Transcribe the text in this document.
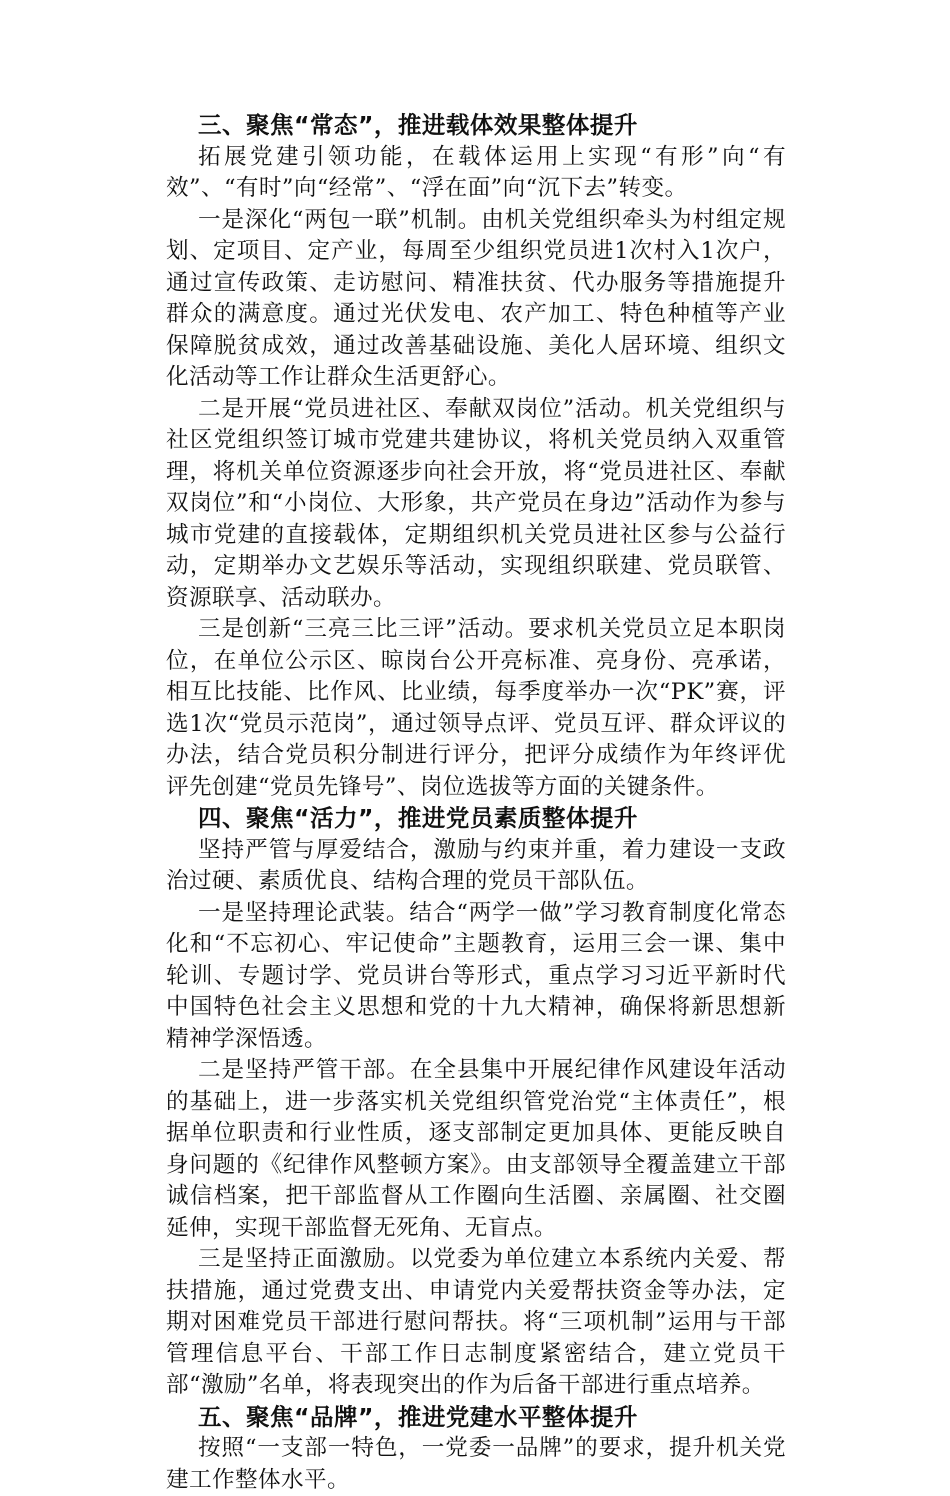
三、聚焦“常态”，推进载体效果整体提升

拓展党建引领功能，在载体运用上实现“有形”向“有效”、“有时”向“经常”、“浮在面”向“沉下去”转变。

一是深化“两包一联”机制。由机关党组织牵头为村组定规划、定项目、定产业，每周至少组织党员进1次村入1次户，通过宣传政策、走访慰问、精准扶贫、代办服务等措施提升群众的满意度。通过光伏发电、农产加工、特色种植等产业保障脱贫成效，通过改善基础设施、美化人居环境、组织文化活动等工作让群众生活更舒心。

二是开展“党员进社区、奉献双岗位”活动。机关党组织与社区党组织签订城市党建共建协议，将机关党员纳入双重管理，将机关单位资源逐步向社会开放，将“党员进社区、奉献双岗位”和“小岗位、大形象，共产党员在身边”活动作为参与城市党建的直接载体，定期组织机关党员进社区参与公益行动，定期举办文艺娱乐等活动，实现组织联建、党员联管、资源联享、活动联办。

三是创新“三亮三比三评”活动。要求机关党员立足本职岗位，在单位公示区、晾岗台公开亮标准、亮身份、亮承诺，相互比技能、比作风、比业绩，每季度举办一次“PK”赛，评选1次“党员示范岗”，通过领导点评、党员互评、群众评议的办法，结合党员积分制进行评分，把评分成绩作为年终评优评先创建“党员先锋号”、岗位选拔等方面的关键条件。

四、聚焦“活力”，推进党员素质整体提升

坚持严管与厚爱结合，激励与约束并重，着力建设一支政治过硬、素质优良、结构合理的党员干部队伍。

一是坚持理论武装。结合“两学一做”学习教育制度化常态化和“不忘初心、牢记使命”主题教育，运用三会一课、集中轮训、专题讨学、党员讲台等形式，重点学习习近平新时代中国特色社会主义思想和党的十九大精神，确保将新思想新精神学深悟透。

二是坚持严管干部。在全县集中开展纪律作风建设年活动的基础上，进一步落实机关党组织管党治党“主体责任”，根据单位职责和行业性质，逐支部制定更加具体、更能反映自身问题的《纪律作风整顿方案》。由支部领导全覆盖建立干部诚信档案，把干部监督从工作圈向生活圈、亲属圈、社交圈延伸，实现干部监督无死角、无盲点。

三是坚持正面激励。以党委为单位建立本系统内关爱、帮扶措施，通过党费支出、申请党内关爱帮扶资金等办法，定期对困难党员干部进行慰问帮扶。将“三项机制”运用与干部管理信息平台、干部工作日志制度紧密结合，建立党员干部“激励”名单，将表现突出的作为后备干部进行重点培养。

五、聚焦“品牌”，推进党建水平整体提升

按照“一支部一特色，一党委一品牌”的要求，提升机关党建工作整体水平。
